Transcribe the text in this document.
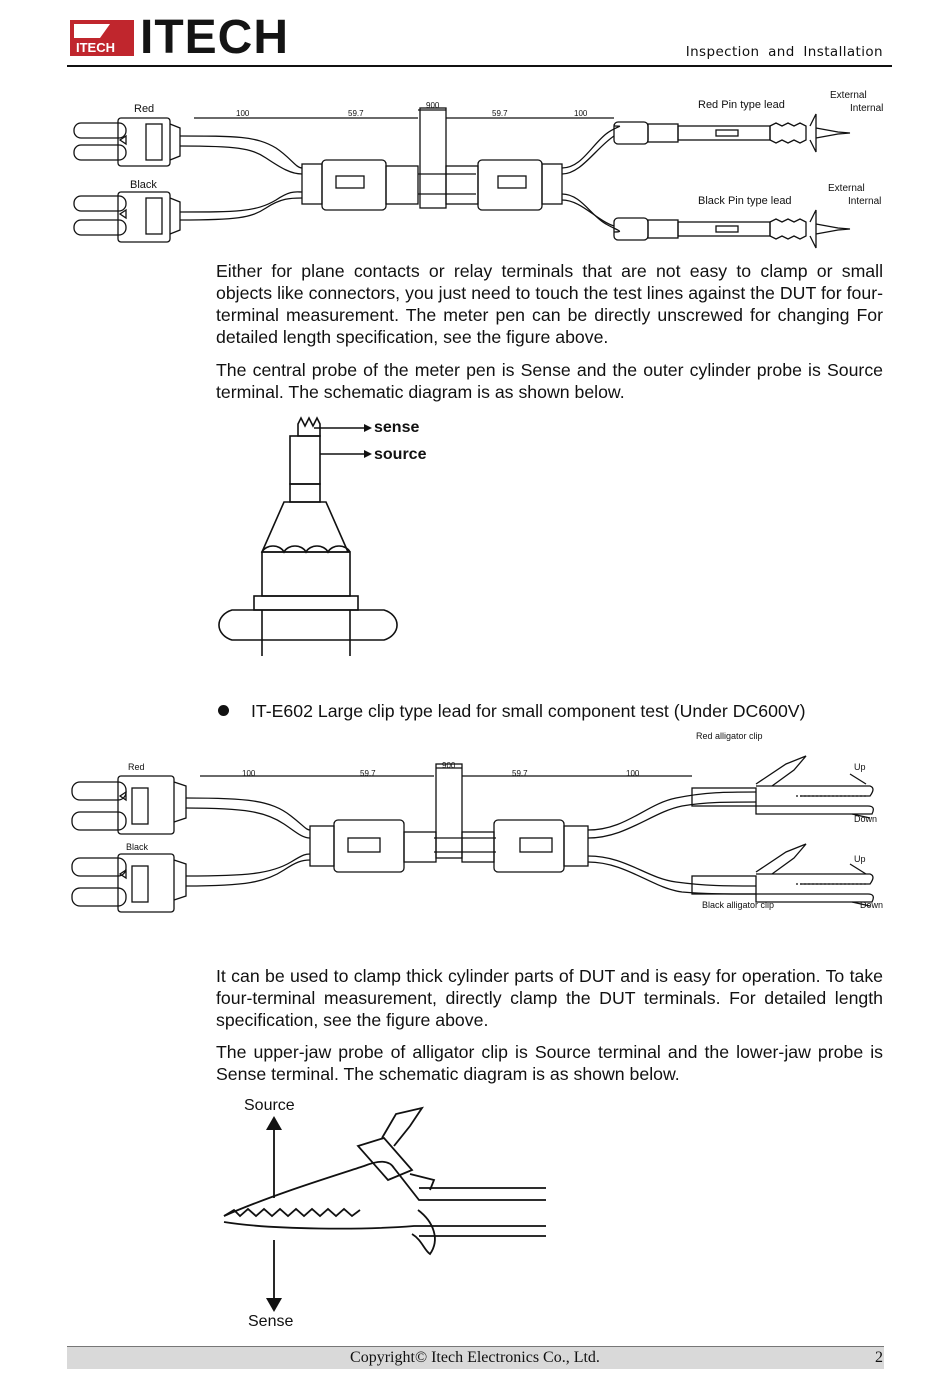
ITECH ITECH	Inspection and Installation
Red
Black
100	59.7
900
59.7	100
Red Pin type lead
Black Pin type lead
External
Internal
External
Internal
Either for plane contacts or relay terminals that are not easy to clamp or small objects like connectors, you just need to touch the test lines against the DUT for four-terminal measurement. The meter pen can be directly unscrewed for changing For detailed length specification, see the figure above.
The central probe of the meter pen is Sense and the outer cylinder probe is Source terminal. The schematic diagram is as shown below.
sense
source
IT-E602 Large clip type lead for small component test (Under DC600V)
Red
Black
100	59.7
900
59.7	100
Red alligator clip
Black alligator clip
Up
Down
Up
Down
It can be used to clamp thick cylinder parts of DUT and is easy for operation. To take four-terminal measurement, directly clamp the DUT terminals. For detailed length specification, see the figure above.
The upper-jaw probe of alligator clip is Source terminal and the lower-jaw probe is Sense terminal. The schematic diagram is as shown below.
Source
Sense
Copyright© Itech Electronics Co., Ltd.	2
